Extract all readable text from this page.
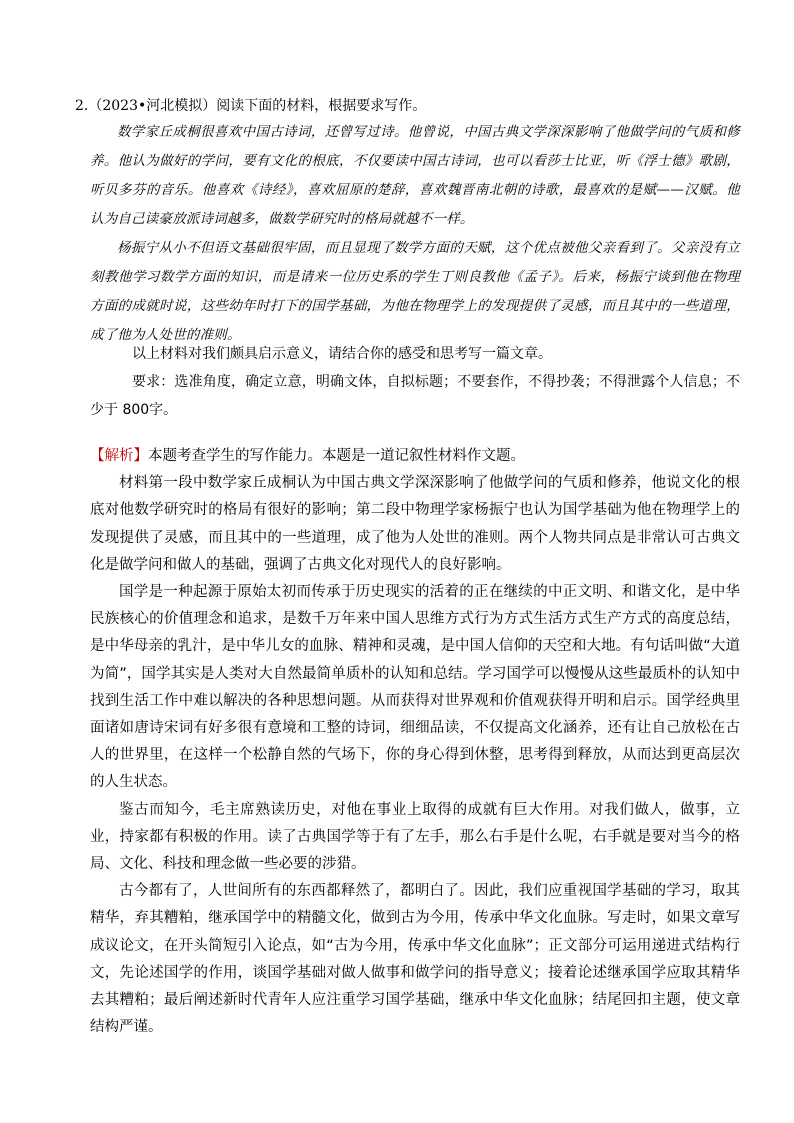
2.（2023•河北模拟）阅读下面的材料，根据要求写作。

数学家丘成桐很喜欢中国古诗词，还曾写过诗。他曾说，中国古典文学深深影响了他做学问的气质和修养。他认为做好的学问，要有文化的根底，不仅要读中国古诗词，也可以看莎士比亚，听《浮士德》歌剧，听贝多芬的音乐。他喜欢《诗经》，喜欢屈原的楚辞，喜欢魏晋南北朝的诗歌，最喜欢的是赋——汉赋。他认为自己读豪放派诗词越多，做数学研究时的格局就越不一样。

杨振宁从小不但语文基础很牢固，而且显现了数学方面的天赋，这个优点被他父亲看到了。父亲没有立刻教他学习数学方面的知识，而是请来一位历史系的学生丁则良教他《孟子》。后来，杨振宁谈到他在物理方面的成就时说，这些幼年时打下的国学基础，为他在物理学上的发现提供了灵感，而且其中的一些道理，成了他为人处世的准则。

以上材料对我们颇具启示意义，请结合你的感受和思考写一篇文章。

要求：选准角度，确定立意，明确文体，自拟标题；不要套作，不得抄袭；不得泄露个人信息；不少于 800字。

【解析】本题考查学生的写作能力。本题是一道记叙性材料作文题。

材料第一段中数学家丘成桐认为中国古典文学深深影响了他做学问的气质和修养，他说文化的根底对他数学研究时的格局有很好的影响；第二段中物理学家杨振宁也认为国学基础为他在物理学上的发现提供了灵感，而且其中的一些道理，成了他为人处世的准则。两个人物共同点是非常认可古典文化是做学问和做人的基础，强调了古典文化对现代人的良好影响。

国学是一种起源于原始太初而传承于历史现实的活着的正在继续的中正文明、和谐文化，是中华民族核心的价值理念和追求，是数千万年来中国人思维方式行为方式生活方式生产方式的高度总结，是中华母亲的乳汁，是中华儿女的血脉、精神和灵魂，是中国人信仰的天空和大地。有句话叫做“大道为简”，国学其实是人类对大自然最简单质朴的认知和总结。学习国学可以慢慢从这些最质朴的认知中找到生活工作中难以解决的各种思想问题。从而获得对世界观和价值观获得开明和启示。国学经典里面诸如唐诗宋词有好多很有意境和工整的诗词，细细品读，不仅提高文化涵养，还有让自己放松在古人的世界里，在这样一个松静自然的气场下，你的身心得到休整，思考得到释放，从而达到更高层次的人生状态。

鉴古而知今，毛主席熟读历史，对他在事业上取得的成就有巨大作用。对我们做人，做事，立业，持家都有积极的作用。读了古典国学等于有了左手，那么右手是什么呢，右手就是要对当今的格局、文化、科技和理念做一些必要的涉猎。

古今都有了，人世间所有的东西都释然了，都明白了。因此，我们应重视国学基础的学习，取其精华，弃其糟粕，继承国学中的精髓文化，做到古为今用，传承中华文化血脉。写走时，如果文章写成议论文，在开头简短引入论点，如“古为今用，传承中华文化血脉”；正文部分可运用递进式结构行文，先论述国学的作用，谈国学基础对做人做事和做学问的指导意义；接着论述继承国学应取其精华去其糟粕；最后阐述新时代青年人应注重学习国学基础，继承中华文化血脉；结尾回扣主题，使文章结构严谨。
